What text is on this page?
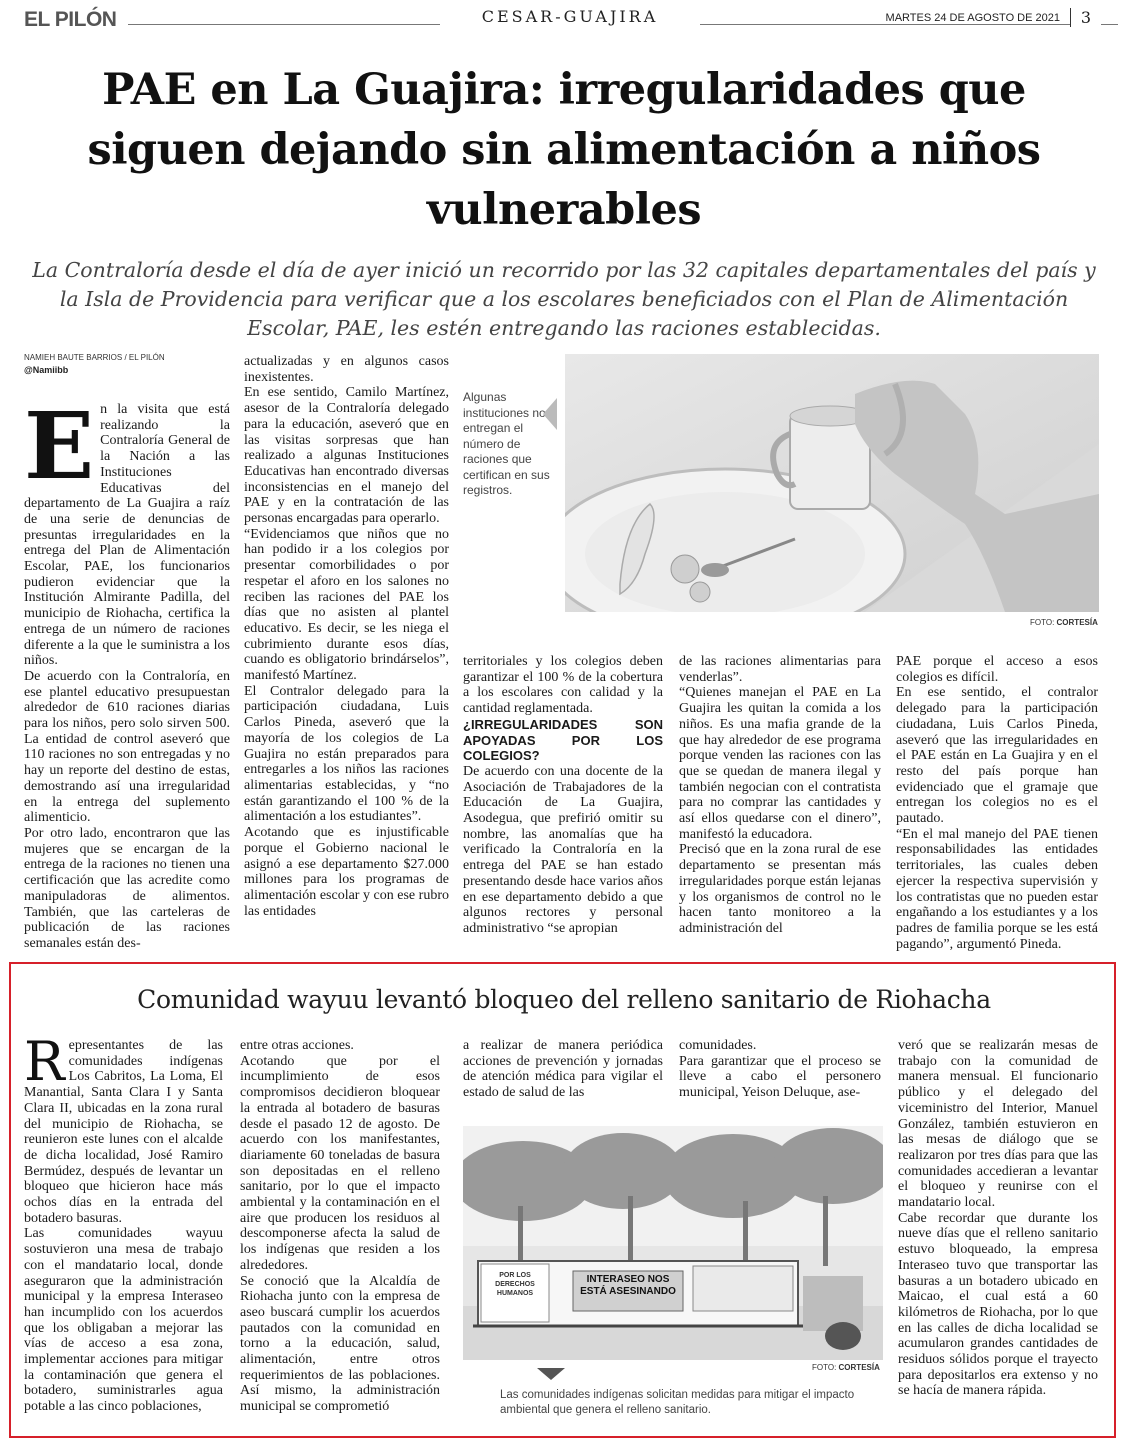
EL PILÓN	CESAR-GUAJIRA	MARTES 24 DE AGOSTO DE 2021	3
PAE en La Guajira: irregularidades que siguen dejando sin alimentación a niños vulnerables
La Contraloría desde el día de ayer inició un recorrido por las 32 capitales departamentales del país y la Isla de Providencia para verificar que a los escolares beneficiados con el Plan de Alimentación Escolar, PAE, les estén entregando las raciones establecidas.
NAMIEH BAUTE BARRIOS / EL PILÓN
@Namiibb

En la visita que está realizando la Contraloría General de la Nación a las Instituciones Educativas del departamento de La Guajira a raíz de una serie de denuncias de presuntas irregularidades en la entrega del Plan de Alimentación Escolar, PAE, los funcionarios pudieron evidenciar que la Institución Almirante Padilla, del municipio de Riohacha, certifica la entrega de un número de raciones diferente a la que le suministra a los niños.

De acuerdo con la Contraloría, en ese plantel educativo presupuestan alrededor de 610 raciones diarias para los niños, pero solo sirven 500. La entidad de control aseveró que 110 raciones no son entregadas y no hay un reporte del destino de estas, demostrando así una irregularidad en la entrega del suplemento alimenticio.

Por otro lado, encontraron que las mujeres que se encargan de la entrega de la raciones no tienen una certificación que las acredite como manipuladoras de alimentos. También, que las carteleras de publicación de las raciones semanales están des-

actualizadas y en algunos casos inexistentes.

En ese sentido, Camilo Martínez, asesor de la Contraloría delegado para la educación, aseveró que en las visitas sorpresas que han realizado a algunas Instituciones Educativas han encontrado diversas inconsistencias en el manejo del PAE y en la contratación de las personas encargadas para operarlo.

“Evidenciamos que niños que no han podido ir a los colegios por presentar comorbilidades o por respetar el aforo en los salones no reciben las raciones del PAE los días que no asisten al plantel educativo. Es decir, se les niega el cubrimiento durante esos días, cuando es obligatorio brindárselos”, manifestó Martínez.

El Contralor delegado para la participación ciudadana, Luis Carlos Pineda, aseveró que la mayoría de los colegios de La Guajira no están preparados para entregarles a los niños las raciones alimentarias establecidas, y “no están garantizando el 100 % de la alimentación a los estudiantes”.

Acotando que es injustificable porque el Gobierno nacional le asignó a ese departamento $27.000 millones para los programas de alimentación escolar y con ese rubro las entidades

Algunas instituciones no entregan el número de raciones que certifican en sus registros.
FOTO: CORTESÍA

territoriales y los colegios deben garantizar el 100 % de la cobertura a los escolares con calidad y la cantidad reglamentada.

¿IRREGULARIDADES SON APOYADAS POR LOS COLEGIOS?

De acuerdo con una docente de la Asociación de Trabajadores de la Educación de La Guajira, Asodegua, que prefirió omitir su nombre, las anomalías que ha verificado la Contraloría en la entrega del PAE se han estado presentando desde hace varios años en ese departamento debido a que algunos rectores y personal administrativo “se apropian

de las raciones alimentarias para venderlas”.

“Quienes manejan el PAE en La Guajira les quitan la comida a los niños. Es una mafia grande de la que hay alrededor de ese programa porque venden las raciones con las que se quedan de manera ilegal y también negocian con el contratista para no comprar las cantidades y así ellos quedarse con el dinero”, manifestó la educadora.

Precisó que en la zona rural de ese departamento se presentan más irregularidades porque están lejanas y los organismos de control no le hacen tanto monitoreo a la administración del

PAE porque el acceso a esos colegios es difícil.

En ese sentido, el contralor delegado para la participación ciudadana, Luis Carlos Pineda, aseveró que las irregularidades en el PAE están en La Guajira y en el resto del país porque han evidenciado que el gramaje que entregan los colegios no es el pautado.

“En el mal manejo del PAE tienen responsabilidades las entidades territoriales, las cuales deben ejercer la respectiva supervisión y los contratistas que no pueden estar engañando a los estudiantes y a los padres de familia porque se les está pagando”, argumentó Pineda.

Comunidad wayuu levantó bloqueo del relleno sanitario de Riohacha

Representantes de las comunidades indígenas Los Cabritos, La Loma, El Manantial, Santa Clara I y Santa Clara II, ubicadas en la zona rural del municipio de Riohacha, se reunieron este lunes con el alcalde de dicha localidad, José Ramiro Bermúdez, después de levantar un bloqueo que hicieron hace más ochos días en la entrada del botadero basuras.

Las comunidades wayuu sostuvieron una mesa de trabajo con el mandatario local, donde aseguraron que la administración municipal y la empresa Interaseo han incumplido con los acuerdos que los obligaban a mejorar las vías de acceso a esa zona, implementar acciones para mitigar la contaminación que genera el botadero, suministrarles agua potable a las cinco poblaciones,

entre otras acciones.

Acotando que por el incumplimiento de esos compromisos decidieron bloquear la entrada al botadero de basuras desde el pasado 12 de agosto. De acuerdo con los manifestantes, diariamente 60 toneladas de basura son depositadas en el relleno sanitario, por lo que el impacto ambiental y la contaminación en el aire que producen los residuos al descomponerse afecta la salud de los indígenas que residen a los alrededores.

Se conoció que la Alcaldía de Riohacha junto con la empresa de aseo buscará cumplir los acuerdos pautados con la comunidad en torno a la educación, salud, alimentación, entre otros requerimientos de las poblaciones. Así mismo, la administración municipal se comprometió

a realizar de manera periódica acciones de prevención y jornadas de atención médica para vigilar el estado de salud de las

comunidades.

Para garantizar que el proceso se lleve a cabo el personero municipal, Yeison Deluque, ase-

veró que se realizarán mesas de trabajo con la comunidad de manera mensual. El funcionario público y el delegado del viceministro del Interior, Manuel González, también estuvieron en las mesas de diálogo que se realizaron por tres días para que las comunidades accedieran a levantar el bloqueo y reunirse con el mandatario local.

Cabe recordar que durante los nueve días que el relleno sanitario estuvo bloqueado, la empresa Interaseo tuvo que transportar las basuras a un botadero ubicado en Maicao, el cual está a 60 kilómetros de Riohacha, por lo que en las calles de dicha localidad se acumularon grandes cantidades de residuos sólidos porque el trayecto para depositarlos era extenso y no se hacía de manera rápida.

POR LOS DERECHOS HUMANOS
INTERASEO NOS ESTÁ ASESINANDO
FOTO: CORTESÍA
Las comunidades indígenas solicitan medidas para mitigar el impacto ambiental que genera el relleno sanitario.
